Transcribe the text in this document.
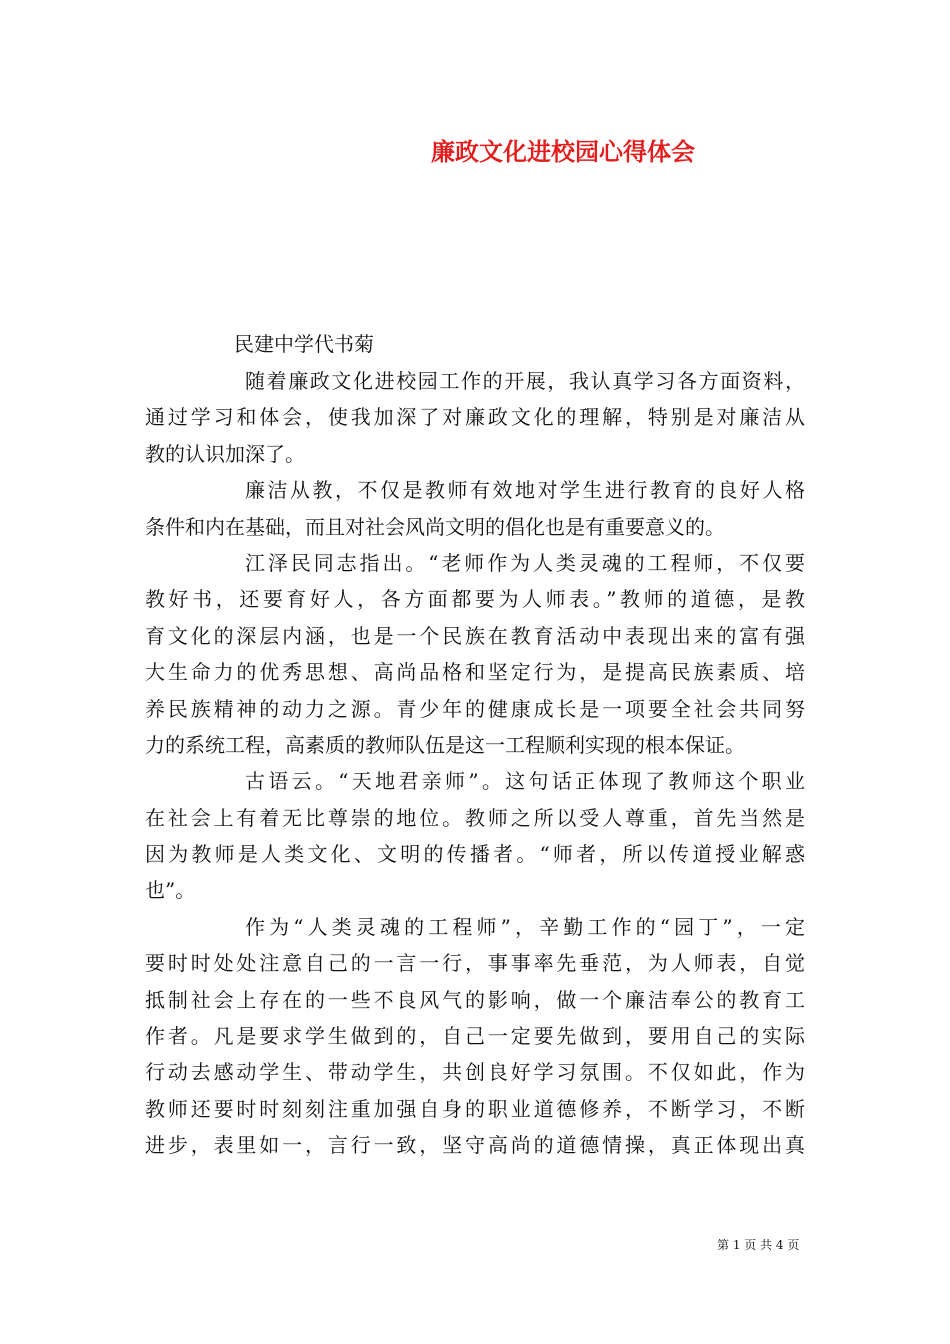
廉政文化进校园心得体会
民建中学代书菊

随着廉政文化进校园工作的开展，我认真学习各方面资料，
通过学习和体会，使我加深了对廉政文化的理解，特别是对廉洁从
教的认识加深了。

廉洁从教，不仅是教师有效地对学生进行教育的良好人格
条件和内在基础，而且对社会风尚文明的倡化也是有重要意义的。

江泽民同志指出。“老师作为人类灵魂的工程师，不仅要
教好书，还要育好人，各方面都要为人师表。”教师的道德，是教
育文化的深层内涵，也是一个民族在教育活动中表现出来的富有强
大生命力的优秀思想、高尚品格和坚定行为，是提高民族素质、培
养民族精神的动力之源。青少年的健康成长是一项要全社会共同努
力的系统工程，高素质的教师队伍是这一工程顺利实现的根本保证。

古语云。“天地君亲师”。这句话正体现了教师这个职业
在社会上有着无比尊崇的地位。教师之所以受人尊重，首先当然是
因为教师是人类文化、文明的传播者。“师者，所以传道授业解惑
也”。

作为“人类灵魂的工程师”，辛勤工作的“园丁”，一定
要时时处处注意自己的一言一行，事事率先垂范，为人师表，自觉
抵制社会上存在的一些不良风气的影响，做一个廉洁奉公的教育工
作者。凡是要求学生做到的，自己一定要先做到，要用自己的实际
行动去感动学生、带动学生，共创良好学习氛围。不仅如此，作为
教师还要时时刻刻注重加强自身的职业道德修养，不断学习，不断
进步，表里如一，言行一致，坚守高尚的道德情操，真正体现出真

第 1 页 共 4 页
